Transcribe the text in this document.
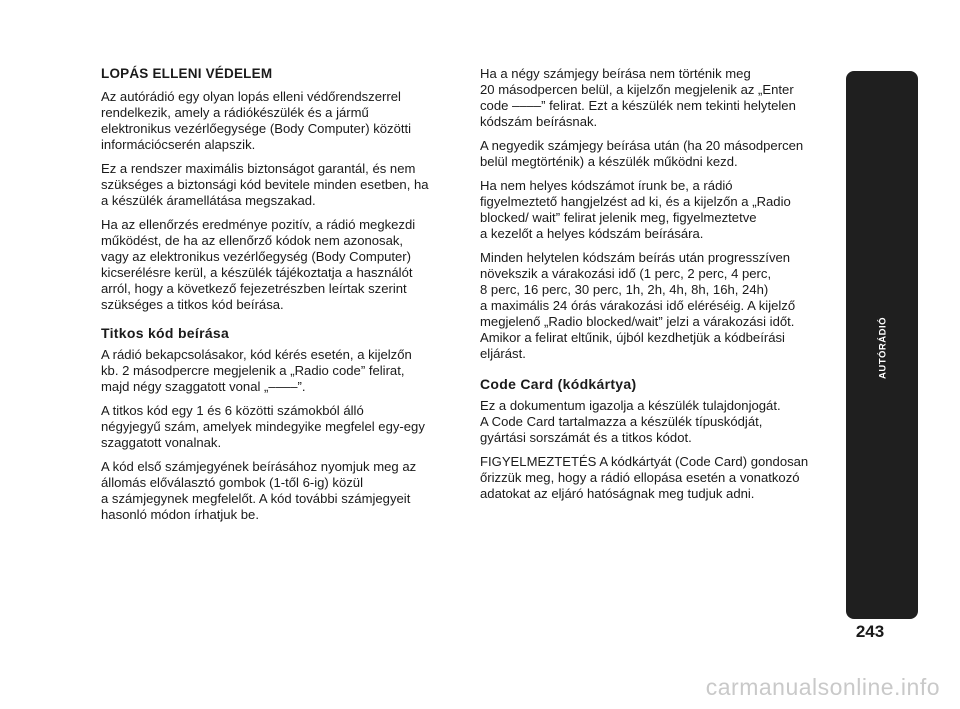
LOPÁS ELLENI VÉDELEM

Az autórádió egy olyan lopás elleni védőrendszerrel
rendelkezik, amely a rádiókészülék és a jármű
elektronikus vezérlőegysége (Body Computer) közötti
információcserén alapszik.

Ez a rendszer maximális biztonságot garantál, és nem
szükséges a biztonsági kód bevitele minden esetben, ha
a készülék áramellátása megszakad.

Ha az ellenőrzés eredménye pozitív, a rádió megkezdi
működést, de ha az ellenőrző kódok nem azonosak,
vagy az elektronikus vezérlőegység (Body Computer)
kicserélésre kerül, a készülék tájékoztatja a használót
arról, hogy a következő fejezetrészben leírtak szerint
szükséges a titkos kód beírása.

Titkos kód beírása

A rádió bekapcsolásakor, kód kérés esetén, a kijelzőn
kb. 2 másodpercre megjelenik a „Radio code” felirat,
majd négy szaggatott vonal „––––”.

A titkos kód egy 1 és 6 közötti számokból álló
négyjegyű szám, amelyek mindegyike megfelel egy-egy
szaggatott vonalnak.

A kód első számjegyének beírásához nyomjuk meg az
állomás előválasztó gombok (1-től 6-ig) közül
a számjegynek megfelelőt. A kód további számjegyeit
hasonló módon írhatjuk be.

Ha a négy számjegy beírása nem történik meg
20 másodpercen belül, a kijelzőn megjelenik az „Enter
code ––––” felirat. Ezt a készülék nem tekinti helytelen
kódszám beírásnak.

A negyedik számjegy beírása után (ha 20 másodpercen
belül megtörténik) a készülék működni kezd.

Ha nem helyes kódszámot írunk be, a rádió
figyelmeztető hangjelzést ad ki, és a kijelzőn a „Radio
blocked/ wait” felirat jelenik meg, figyelmeztetve
a kezelőt a helyes kódszám beírására.

Minden helytelen kódszám beírás után progresszíven
növekszik a várakozási idő (1 perc, 2 perc, 4 perc,
8 perc, 16 perc, 30 perc, 1h, 2h, 4h, 8h, 16h, 24h)
a maximális 24 órás várakozási idő eléréséig. A kijelző
megjelenő „Radio blocked/wait” jelzi a várakozási időt.
Amikor a felirat eltűnik, újból kezdhetjük a kódbeírási
eljárást.

Code Card (kódkártya)

Ez a dokumentum igazolja a készülék tulajdonjogát.
A Code Card tartalmazza a készülék típuskódját,
gyártási sorszámát és a titkos kódot.

FIGYELMEZTETÉS A kódkártyát (Code Card) gondosan
őrizzük meg, hogy a rádió ellopása esetén a vonatkozó
adatokat az eljáró hatóságnak meg tudjuk adni.

AUTÓRÁDIÓ
243
carmanualsonline.info
